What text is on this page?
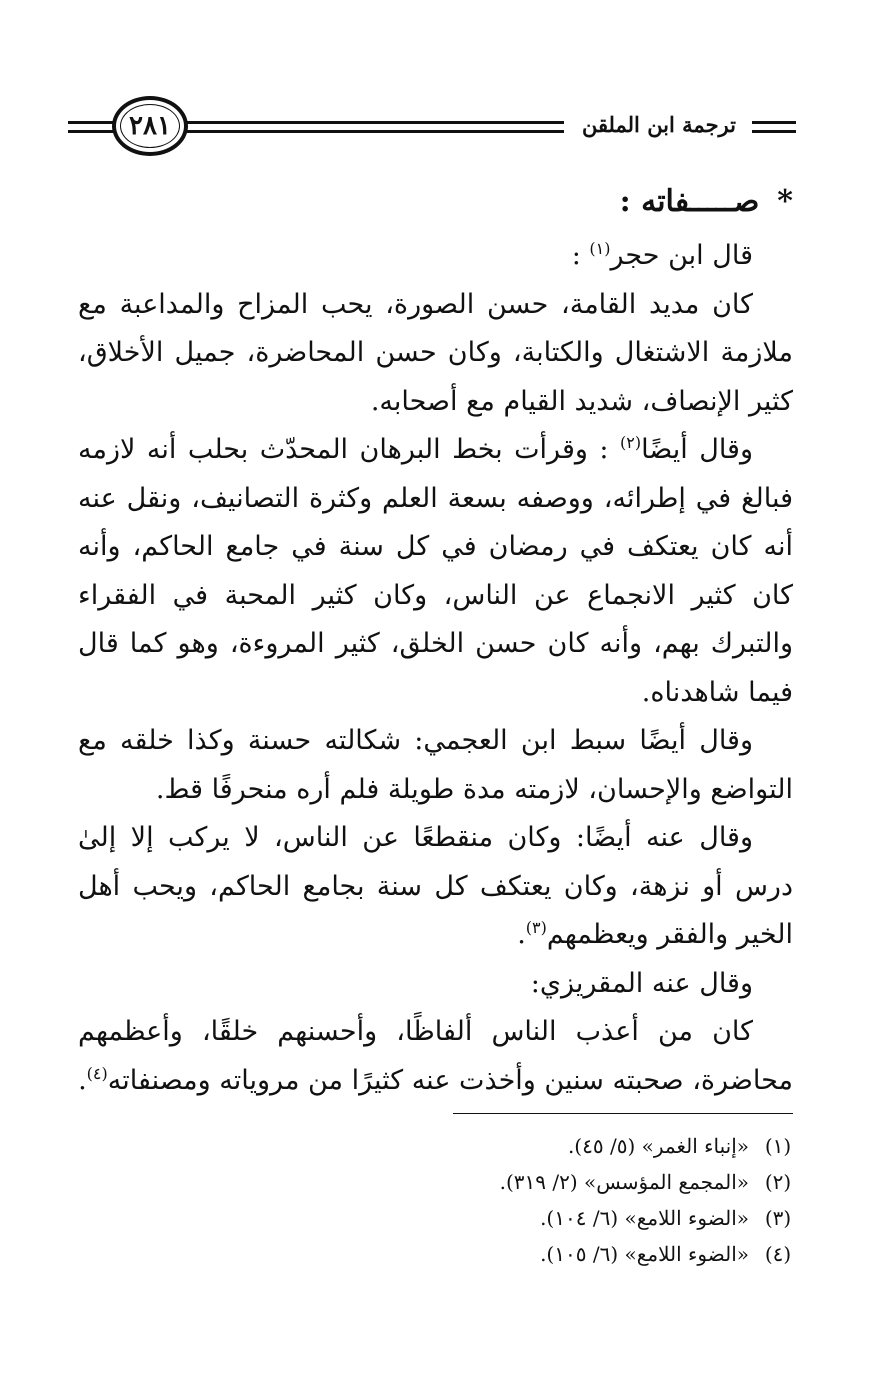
ترجمة ابن الملقن
٢٨١
*
صـــــفاته :

قال ابن حجر$^{(١)}$ :

كان مديد القامة، حسن الصورة، يحب المزاح والمداعبة مع ملازمة الاشتغال والكتابة، وكان حسن المحاضرة، جميل الأخلاق، كثير الإنصاف، شديد القيام مع أصحابه.

وقال أيضًا$^{(٢)}$ : وقرأت بخط البرهان المحدّث بحلب أنه لازمه فبالغ في إطرائه، ووصفه بسعة العلم وكثرة التصانيف، ونقل عنه أنه كان يعتكف في رمضان في كل سنة في جامع الحاكم، وأنه كان كثير الانجماع عن الناس، وكان كثير المحبة في الفقراء والتبرك بهم، وأنه كان حسن الخلق، كثير المروءة، وهو كما قال فيما شاهدناه.

وقال أيضًا سبط ابن العجمي: شكالته حسنة وكذا خلقه مع التواضع والإحسان، لازمته مدة طويلة فلم أره منحرفًا قط.

وقال عنه أيضًا: وكان منقطعًا عن الناس، لا يركب إلا إلىٰ درس أو نزهة، وكان يعتكف كل سنة بجامع الحاكم، ويحب أهل الخير والفقر ويعظمهم$^{(٣)}$.

وقال عنه المقريزي:

كان من أعذب الناس ألفاظًا، وأحسنهم خلقًا، وأعظمهم محاضرة، صحبته سنين وأخذت عنه كثيرًا من مروياته ومصنفاته$^{(٤)}$.

(١)
«إنباء الغمر» (٥/ ٤٥).
(٢)
«المجمع المؤسس» (٢/ ٣١٩).
(٣)
«الضوء اللامع» (٦/ ١٠٤).
(٤)
«الضوء اللامع» (٦/ ١٠٥).
